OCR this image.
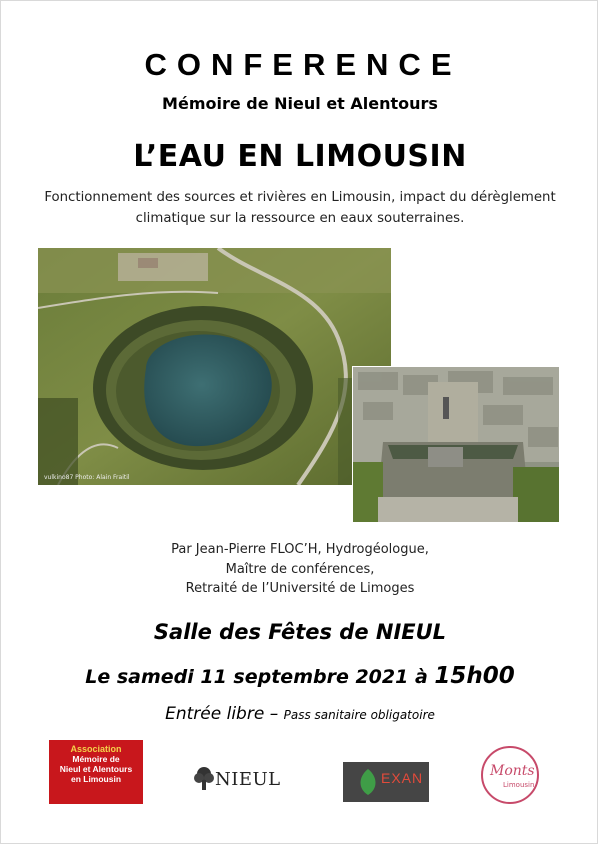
CONFERENCE
Mémoire de Nieul et Alentours
L’EAU EN LIMOUSIN
Fonctionnement des sources et rivières en Limousin, impact du dérèglement climatique sur la ressource en eaux souterraines.
vulkino87 Photo: Alain Fraitil
Par Jean-Pierre FLOC’H, Hydrogéologue,
Maître de conférences,
Retraité de l’Université de Limoges
Salle des Fêtes de NIEUL
Le samedi 11 septembre 2021 à 15h00
Entrée libre – Pass sanitaire obligatoire
Association
Mémoire de
Nieul et Alentours
en Limousin	NIEUL	EXAN	Monts
Limousin
